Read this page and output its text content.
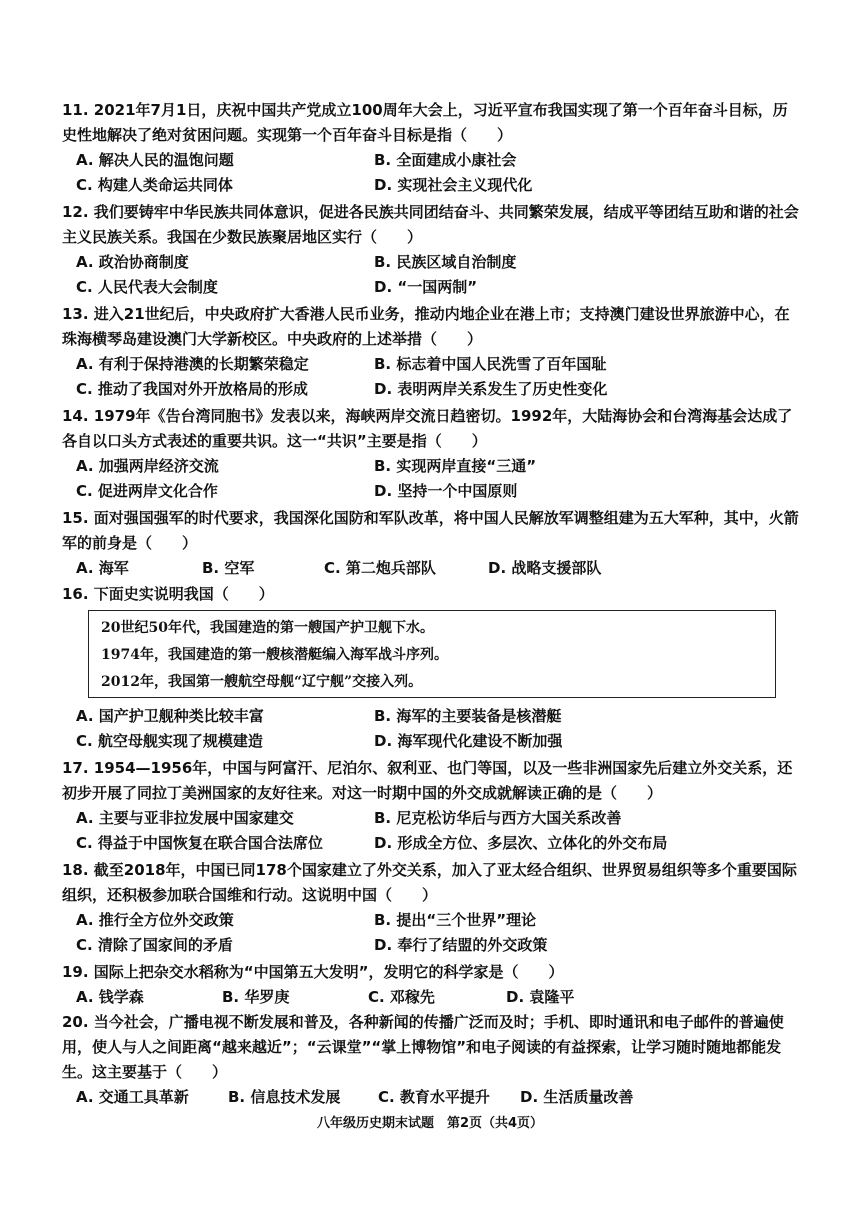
11. 2021年7月1日，庆祝中国共产党成立100周年大会上，习近平宣布我国实现了第一个百年奋斗目标，历史性地解决了绝对贫困问题。实现第一个百年奋斗目标是指（　　）

A. 解决人民的温饱问题	B. 全面建成小康社会
C. 构建人类命运共同体	D. 实现社会主义现代化

12. 我们要铸牢中华民族共同体意识，促进各民族共同团结奋斗、共同繁荣发展，结成平等团结互助和谐的社会主义民族关系。我国在少数民族聚居地区实行（　　）

A. 政治协商制度	B. 民族区域自治制度
C. 人民代表大会制度	D. “一国两制”

13. 进入21世纪后，中央政府扩大香港人民币业务，推动内地企业在港上市；支持澳门建设世界旅游中心，在珠海横琴岛建设澳门大学新校区。中央政府的上述举措（　　）

A. 有利于保持港澳的长期繁荣稳定	B. 标志着中国人民洗雪了百年国耻
C. 推动了我国对外开放格局的形成	D. 表明两岸关系发生了历史性变化

14. 1979年《告台湾同胞书》发表以来，海峡两岸交流日趋密切。1992年，大陆海协会和台湾海基会达成了各自以口头方式表述的重要共识。这一“共识”主要是指（　　）

A. 加强两岸经济交流	B. 实现两岸直接“三通”
C. 促进两岸文化合作	D. 坚持一个中国原则

15. 面对强国强军的时代要求，我国深化国防和军队改革，将中国人民解放军调整组建为五大军种，其中，火箭军的前身是（　　）

A. 海军	B. 空军	C. 第二炮兵部队	D. 战略支援部队

16. 下面史实说明我国（　　）

20世纪50年代，我国建造的第一艘国产护卫舰下水。
1974年，我国建造的第一艘核潜艇编入海军战斗序列。
2012年，我国第一艘航空母舰“辽宁舰”交接入列。
A. 国产护卫舰种类比较丰富	B. 海军的主要装备是核潜艇
C. 航空母舰实现了规模建造	D. 海军现代化建设不断加强

17. 1954—1956年，中国与阿富汗、尼泊尔、叙利亚、也门等国，以及一些非洲国家先后建立外交关系，还初步开展了同拉丁美洲国家的友好往来。对这一时期中国的外交成就解读正确的是（　　）

A. 主要与亚非拉发展中国家建交	B. 尼克松访华后与西方大国关系改善
C. 得益于中国恢复在联合国合法席位	D. 形成全方位、多层次、立体化的外交布局

18. 截至2018年，中国已同178个国家建立了外交关系，加入了亚太经合组织、世界贸易组织等多个重要国际组织，还积极参加联合国维和行动。这说明中国（　　）

A. 推行全方位外交政策	B. 提出“三个世界”理论
C. 清除了国家间的矛盾	D. 奉行了结盟的外交政策

19. 国际上把杂交水稻称为“中国第五大发明”，发明它的科学家是（　　）

A. 钱学森	B. 华罗庚	C. 邓稼先	D. 袁隆平

20. 当今社会，广播电视不断发展和普及，各种新闻的传播广泛而及时；手机、即时通讯和电子邮件的普遍使用，使人与人之间距离“越来越近”；“云课堂”“掌上博物馆”和电子阅读的有益探索，让学习随时随地都能发生。这主要基于（　　）

A. 交通工具革新	B. 信息技术发展	C. 教育水平提升 D. 生活质量改善
八年级历史期末试题　第2页（共4页）
